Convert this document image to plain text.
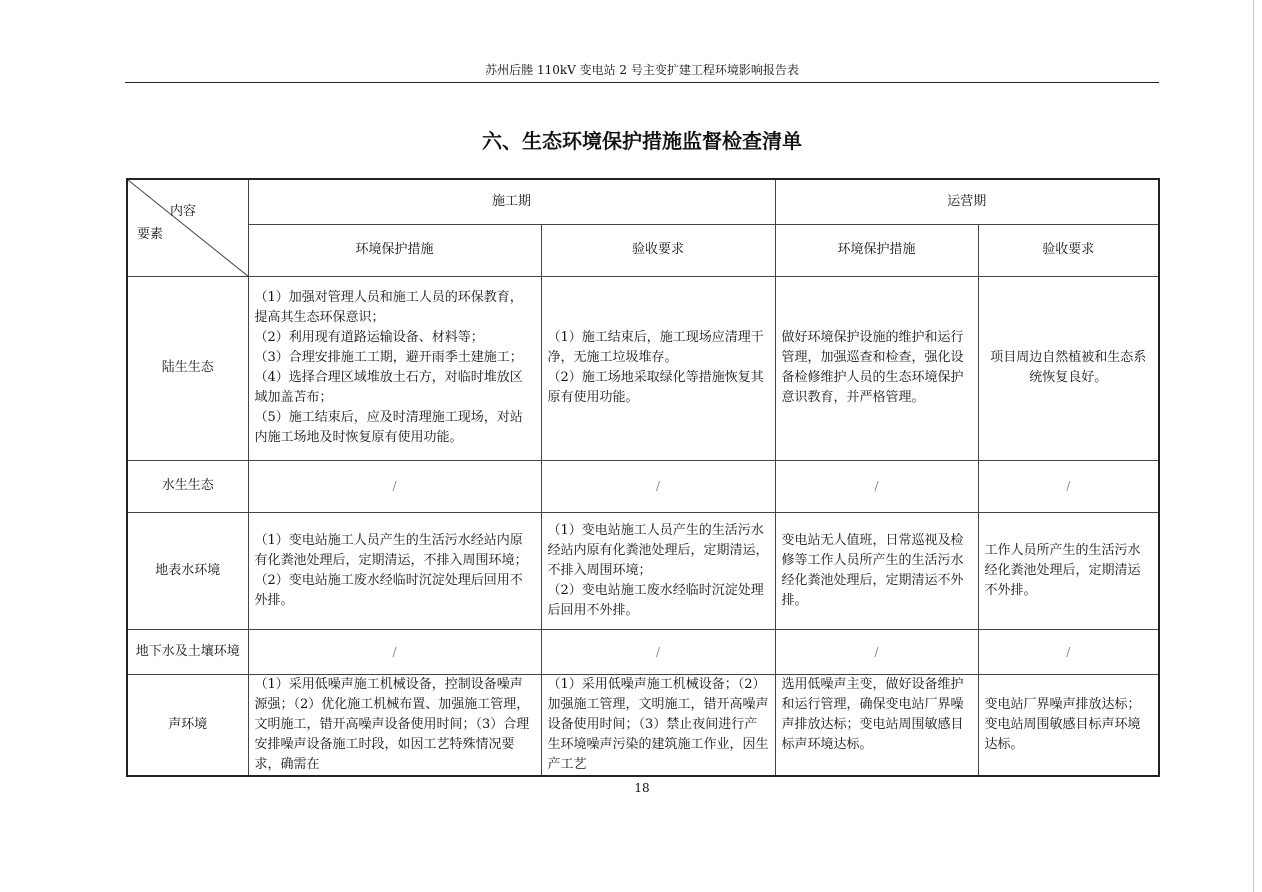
苏州后塍 110kV 变电站 2 号主变扩建工程环境影响报告表
六、生态环境保护措施监督检查清单
内容
要素	施工期		运营期	
	环境保护措施	验收要求	环境保护措施	验收要求
陆生生态	（1）加强对管理人员和施工人员的环保教育，提高其生态环保意识；
（2）利用现有道路运输设备、材料等；
（3）合理安排施工工期，避开雨季土建施工；
（4）选择合理区域堆放土石方，对临时堆放区域加盖苫布；
（5）施工结束后，应及时清理施工现场，对站内施工场地及时恢复原有使用功能。	（1）施工结束后，施工现场应清理干净，无施工垃圾堆存。
（2）施工场地采取绿化等措施恢复其原有使用功能。	做好环境保护设施的维护和运行管理，加强巡查和检查，强化设备检修维护人员的生态环境保护意识教育，并严格管理。	项目周边自然植被和生态系统恢复良好。
水生生态	/	/	/	/
地表水环境	（1）变电站施工人员产生的生活污水经站内原有化粪池处理后，定期清运，不排入周围环境；
（2）变电站施工废水经临时沉淀处理后回用不外排。	（1）变电站施工人员产生的生活污水经站内原有化粪池处理后，定期清运，不排入周围环境；
（2）变电站施工废水经临时沉淀处理后回用不外排。	变电站无人值班，日常巡视及检修等工作人员所产生的生活污水经化粪池处理后，定期清运不外排。	工作人员所产生的生活污水经化粪池处理后，定期清运不外排。
地下水及土壤环境	/	/	/	/
声环境	（1）采用低噪声施工机械设备，控制设备噪声源强；（2）优化施工机械布置、加强施工管理，文明施工，错开高噪声设备使用时间；（3）合理安排噪声设备施工时段，如因工艺特殊情况要求，确需在	（1）采用低噪声施工机械设备；（2）加强施工管理，文明施工，错开高噪声设备使用时间；（3）禁止夜间进行产生环境噪声污染的建筑施工作业，因生产工艺	选用低噪声主变，做好设备维护和运行管理，确保变电站厂界噪声排放达标；变电站周围敏感目标声环境达标。	变电站厂界噪声排放达标；变电站周围敏感目标声环境达标。
18
